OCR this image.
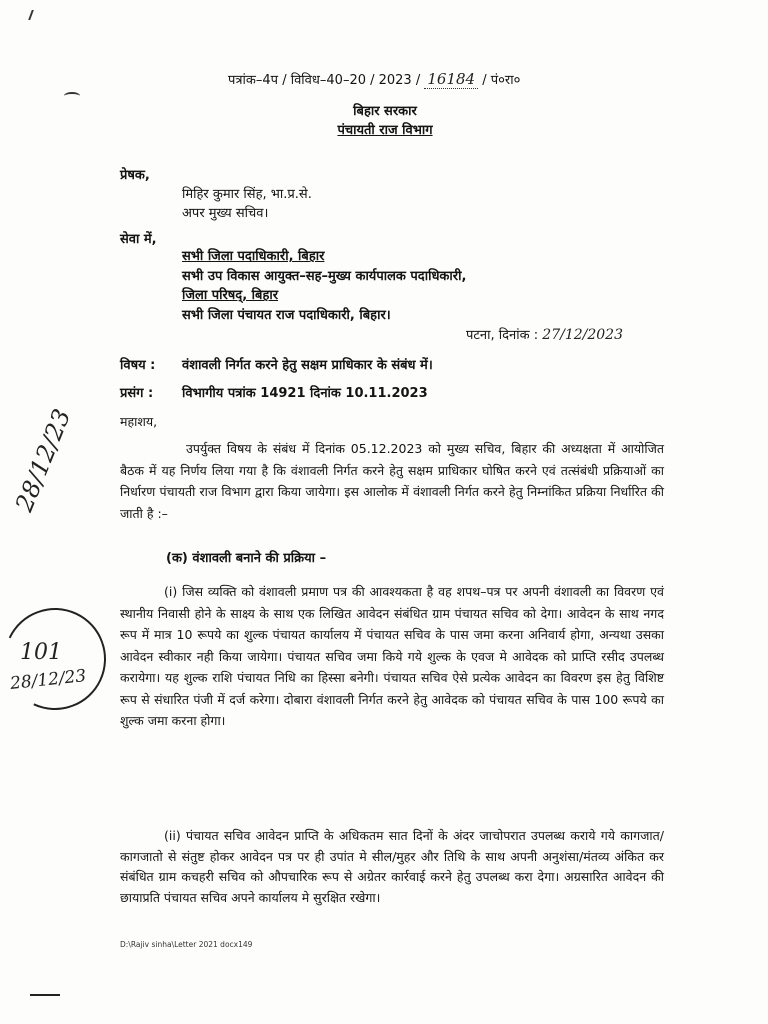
पत्रांक–4प / विविध–40–20 / 2023 / 16184 / पं०रा०
बिहार सरकार
पंचायती राज विभाग
प्रेषक,
मिहिर कुमार सिंह, भा.प्र.से.
अपर मुख्य सचिव।
सेवा में,
सभी जिला पदाधिकारी, बिहार
सभी उप विकास आयुक्त–सह–मुख्य कार्यपालक पदाधिकारी,
जिला परिषद्, बिहार
सभी जिला पंचायत राज पदाधिकारी, बिहार।
पटना, दिनांक : 27/12/2023
विषय : वंशावली निर्गत करने हेतु सक्षम प्राधिकार के संबंध में।
प्रसंग : विभागीय पत्रांक 14921 दिनांक 10.11.2023
महाशय,
उपर्युक्त विषय के संबंध में दिनांक 05.12.2023 को मुख्य सचिव, बिहार की अध्यक्षता में आयोजित बैठक में यह निर्णय लिया गया है कि वंशावली निर्गत करने हेतु सक्षम प्राधिकार घोषित करने एवं तत्संबंधी प्रक्रियाओं का निर्धारण पंचायती राज विभाग द्वारा किया जायेगा। इस आलोक में वंशावली निर्गत करने हेतु निम्नांकित प्रक्रिया निर्धारित की जाती है :–
(क) वंशावली बनाने की प्रक्रिया –
(i) जिस व्यक्ति को वंशावली प्रमाण पत्र की आवश्यकता है वह शपथ–पत्र पर अपनी वंशावली का विवरण एवं स्थानीय निवासी होने के साक्ष्य के साथ एक लिखित आवेदन संबंधित ग्राम पंचायत सचिव को देगा। आवेदन के साथ नगद रूप में मात्र 10 रूपये का शुल्क पंचायत कार्यालय में पंचायत सचिव के पास जमा करना अनिवार्य होगा, अन्यथा उसका आवेदन स्वीकार नही किया जायेगा। पंचायत सचिव जमा किये गये शुल्क के एवज मे आवेदक को प्राप्ति रसीद उपलब्ध करायेगा। यह शुल्क राशि पंचायत निधि का हिस्सा बनेगी। पंचायत सचिव ऐसे प्रत्येक आवेदन का विवरण इस हेतु विशिष्ट रूप से संधारित पंजी में दर्ज करेगा। दोबारा वंशावली निर्गत करने हेतु आवेदक को पंचायत सचिव के पास 100 रूपये का शुल्क जमा करना होगा।
(ii) पंचायत सचिव आवेदन प्राप्ति के अधिकतम सात दिनों के अंदर जाचोपरात उपलब्ध कराये गये कागजात/कागजातो से संतुष्ट होकर आवेदन पत्र पर ही उपांत मे सील/मुहर और तिथि के साथ अपनी अनुशंसा/मंतव्य अंकित कर संबंधित ग्राम कचहरी सचिव को औपचारिक रूप से अग्रेतर कार्रवाई करने हेतु उपलब्ध करा देगा। अग्रसारित आवेदन की छायाप्रति पंचायत सचिव अपने कार्यालय मे सुरक्षित रखेगा।
D:\Rajiv sinha\Letter 2021 docx149
28/12/23
101
28/12/23
